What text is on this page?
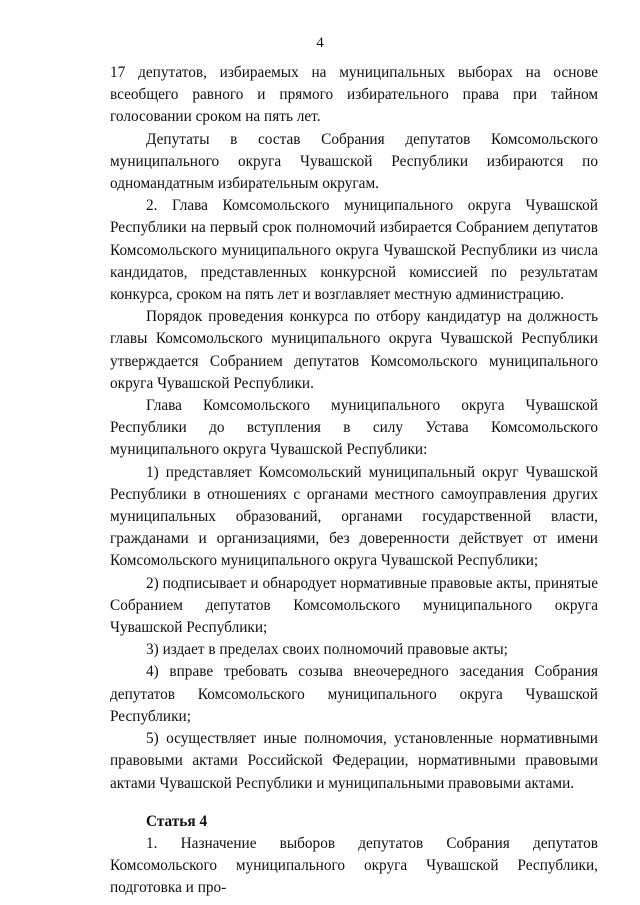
4

17 депутатов, избираемых на муниципальных выборах на основе всеобщего равного и прямого избирательного права при тайном голосовании сроком на пять лет.

Депутаты в состав Собрания депутатов Комсомольского муниципального округа Чувашской Республики избираются по одномандатным избирательным округам.

2. Глава Комсомольского муниципального округа Чувашской Республики на первый срок полномочий избирается Собранием депутатов Комсомольского муниципального округа Чувашской Республики из числа кандидатов, представленных конкурсной комиссией по результатам конкурса, сроком на пять лет и возглавляет местную администрацию.

Порядок проведения конкурса по отбору кандидатур на должность главы Комсомольского муниципального округа Чувашской Республики утверждается Собранием депутатов Комсомольского муниципального округа Чувашской Республики.

Глава Комсомольского муниципального округа Чувашской Республики до вступления в силу Устава Комсомольского муниципального округа Чувашской Республики:

1) представляет Комсомольский муниципальный округ Чувашской Республики в отношениях с органами местного самоуправления других муниципальных образований, органами государственной власти, гражданами и организациями, без доверенности действует от имени Комсомольского муниципального округа Чувашской Республики;

2) подписывает и обнародует нормативные правовые акты, принятые Собранием депутатов Комсомольского муниципального округа Чувашской Республики;

3) издает в пределах своих полномочий правовые акты;

4) вправе требовать созыва внеочередного заседания Собрания депутатов Комсомольского муниципального округа Чувашской Республики;

5) осуществляет иные полномочия, установленные нормативными правовыми актами Российской Федерации, нормативными правовыми актами Чувашской Республики и муниципальными правовыми актами.

Статья 4

1. Назначение выборов депутатов Собрания депутатов Комсомольского муниципального округа Чувашской Республики, подготовка и про-
